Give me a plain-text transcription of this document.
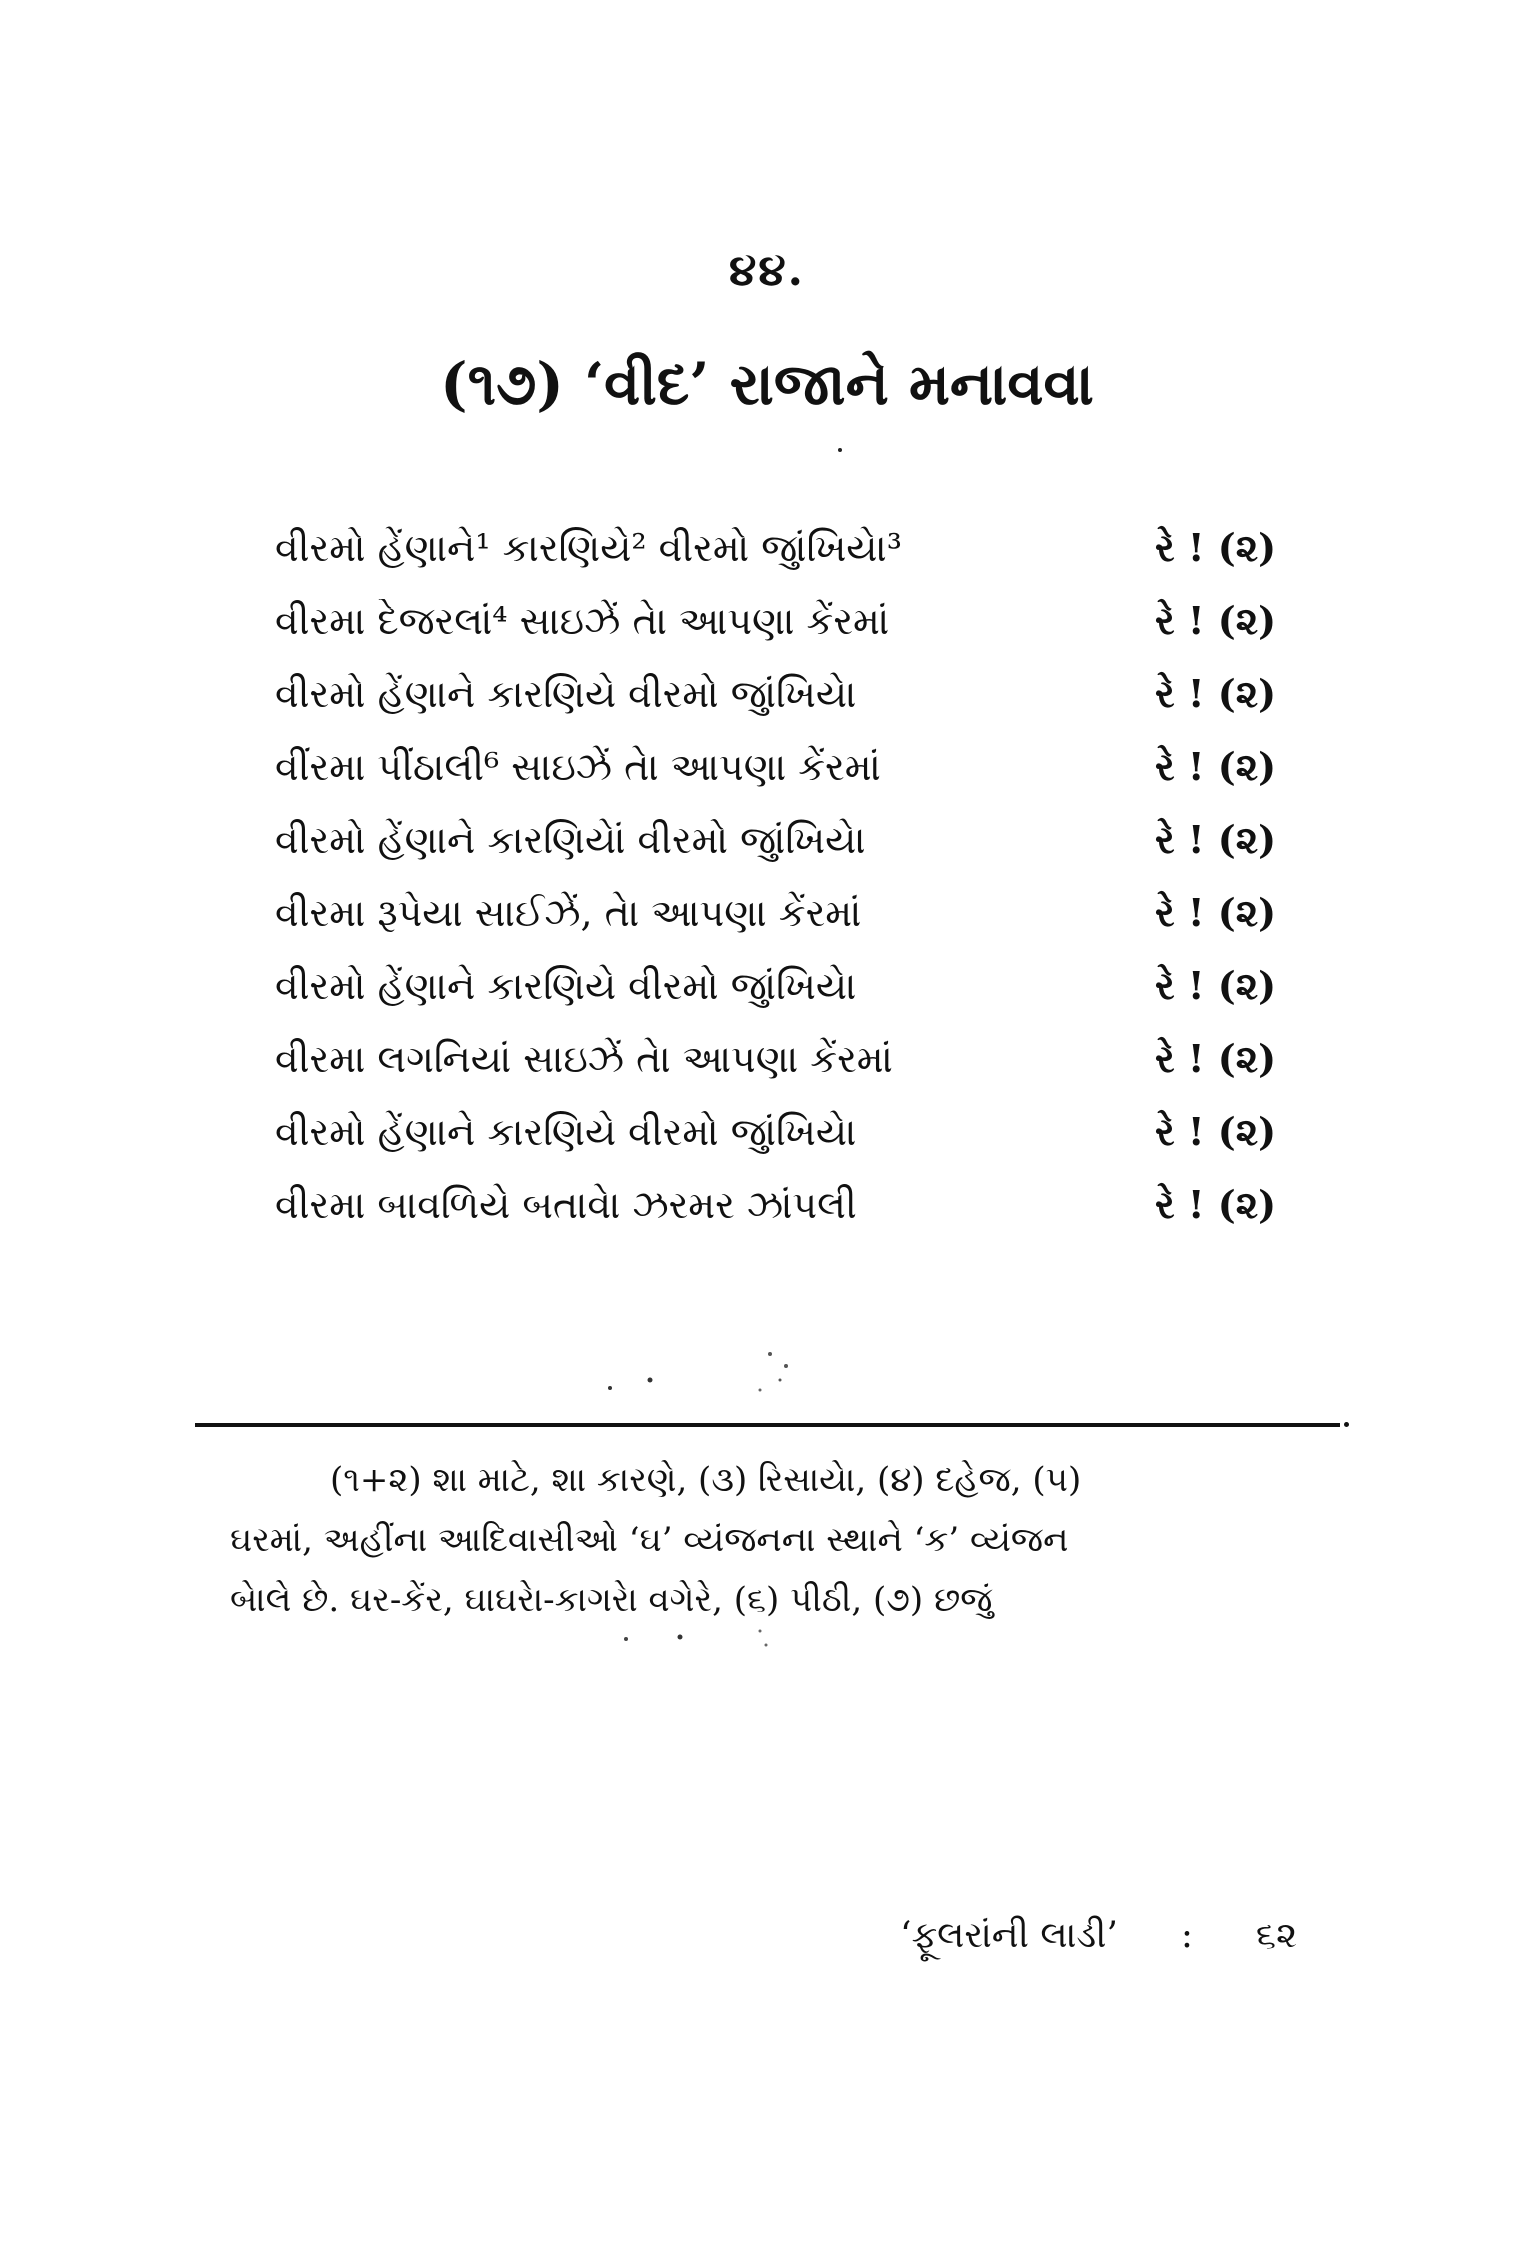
૪૪.
(૧૭) ‘વીદ’ રાજાને મનાવવા
વીરમો હેંણાને¹ કારણિયે² વીરમો જુાંખિયેા³	રે ! (૨)
વીરમા દેજરલાં⁴ સાઇઝેં તેા આપણા કેંરમાં	રે ! (૨)
વીરમો હેંણાને કારણિયે વીરમો જુાંખિયેા	રે ! (૨)
વીંરમા પીંઠાલી⁶ સાઇઝેં તેા આપણા કેંરમાં	રે ! (૨)
વીરમો હેંણાને કારણિયેાં વીરમો જુાંખિયેા	રે ! (૨)
વીરમા રૂપેયા સાઈઝેં, તેા આપણા કેંરમાં	રે ! (૨)
વીરમો હેંણાને કારણિયે વીરમો જુાંખિયેા	રે ! (૨)
વીરમા લગનિયાં સાઇઝેં તેા આપણા કેંરમાં	રે ! (૨)
વીરમો હેંણાને કારણિયે વીરમો જુાંખિયેા	રે ! (૨)
વીરમા બાવળિયે બતાવેા ઝરમર ઝાંપલી	રે ! (૨)
(૧+૨) શા માટે, શા કારણે, (૩) રિસાયેા, (૪) દહેજ, (૫)
ઘરમાં, અહીંના આદિવાસીઓ ‘ઘ’ વ્યંજનના સ્થાને ‘ક’ વ્યંજન
બેાલે છે. ઘર-કેંર, ઘાઘરેા-કાગરેા વગેરે, (૬) પીઠી, (૭) છજું
‘ફૂલરાંની લાડી’ : ૬૨
